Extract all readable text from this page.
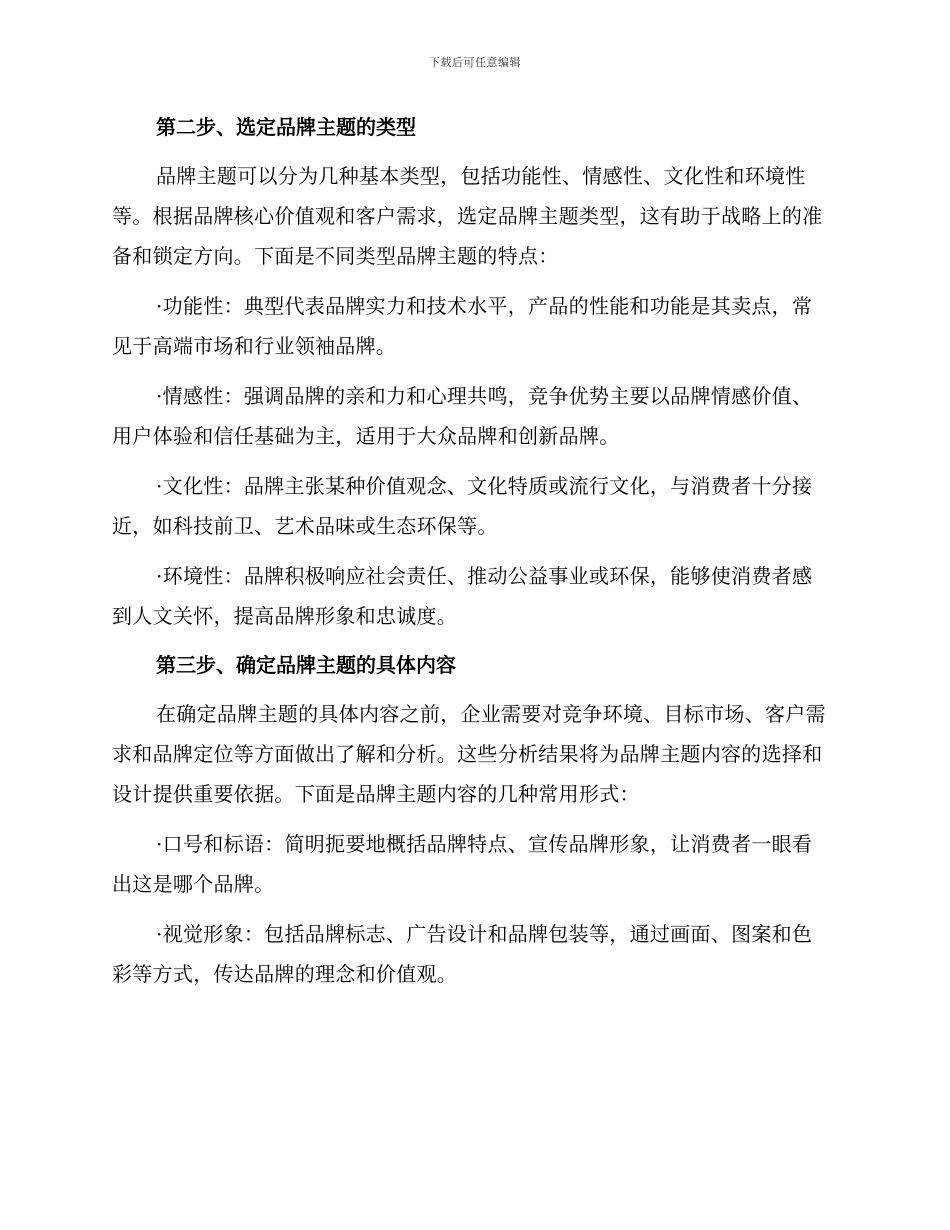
下载后可任意编辑
第二步、选定品牌主题的类型

品牌主题可以分为几种基本类型，包括功能性、情感性、文化性和环境性等。根据品牌核心价值观和客户需求，选定品牌主题类型，这有助于战略上的准备和锁定方向。下面是不同类型品牌主题的特点：

·功能性：典型代表品牌实力和技术水平，产品的性能和功能是其卖点，常见于高端市场和行业领袖品牌。

·情感性：强调品牌的亲和力和心理共鸣，竞争优势主要以品牌情感价值、用户体验和信任基础为主，适用于大众品牌和创新品牌。

·文化性：品牌主张某种价值观念、文化特质或流行文化，与消费者十分接近，如科技前卫、艺术品味或生态环保等。

·环境性：品牌积极响应社会责任、推动公益事业或环保，能够使消费者感到人文关怀，提高品牌形象和忠诚度。

第三步、确定品牌主题的具体内容

在确定品牌主题的具体内容之前，企业需要对竞争环境、目标市场、客户需求和品牌定位等方面做出了解和分析。这些分析结果将为品牌主题内容的选择和设计提供重要依据。下面是品牌主题内容的几种常用形式：

·口号和标语：简明扼要地概括品牌特点、宣传品牌形象，让消费者一眼看出这是哪个品牌。

·视觉形象：包括品牌标志、广告设计和品牌包装等，通过画面、图案和色彩等方式，传达品牌的理念和价值观。
